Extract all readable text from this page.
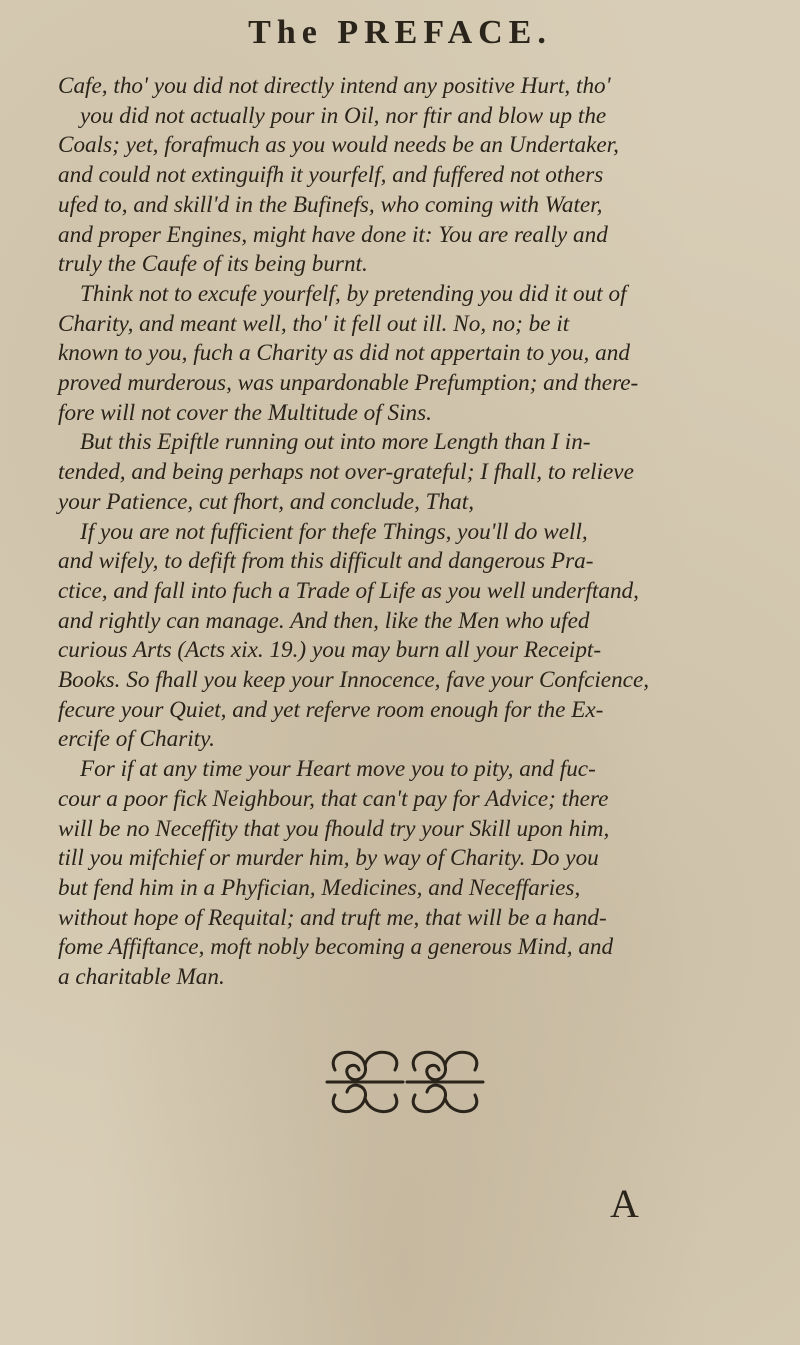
The PREFACE.
Cafe, tho' you did not directly intend any positive Hurt, tho'
you did not actually pour in Oil, nor ftir and blow up the
Coals; yet, forafmuch as you would needs be an Undertaker,
and could not extinguifh it yourfelf, and fuffered not others
ufed to, and skill'd in the Bufinefs, who coming with Water,
and proper Engines, might have done it: You are really and
truly the Caufe of its being burnt.
Think not to excufe yourfelf, by pretending you did it out of
Charity, and meant well, tho' it fell out ill. No, no; be it
known to you, fuch a Charity as did not appertain to you, and
proved murderous, was unpardonable Prefumption; and there-
fore will not cover the Multitude of Sins.
But this Epiftle running out into more Length than I in-
tended, and being perhaps not over-grateful; I fhall, to relieve
your Patience, cut fhort, and conclude, That,
If you are not fufficient for thefe Things, you'll do well,
and wifely, to defift from this difficult and dangerous Pra-
ctice, and fall into fuch a Trade of Life as you well underftand,
and rightly can manage. And then, like the Men who ufed
curious Arts (Acts xix. 19.) you may burn all your Receipt-
Books. So fhall you keep your Innocence, fave your Confcience,
fecure your Quiet, and yet referve room enough for the Ex-
ercife of Charity.
For if at any time your Heart move you to pity, and fuc-
cour a poor fick Neighbour, that can't pay for Advice; there
will be no Neceffity that you fhould try your Skill upon him,
till you mifchief or murder him, by way of Charity. Do you
but fend him in a Phyfician, Medicines, and Neceffaries,
without hope of Requital; and truft me, that will be a hand-
fome Affiftance, moft nobly becoming a generous Mind, and
a charitable Man.
A
